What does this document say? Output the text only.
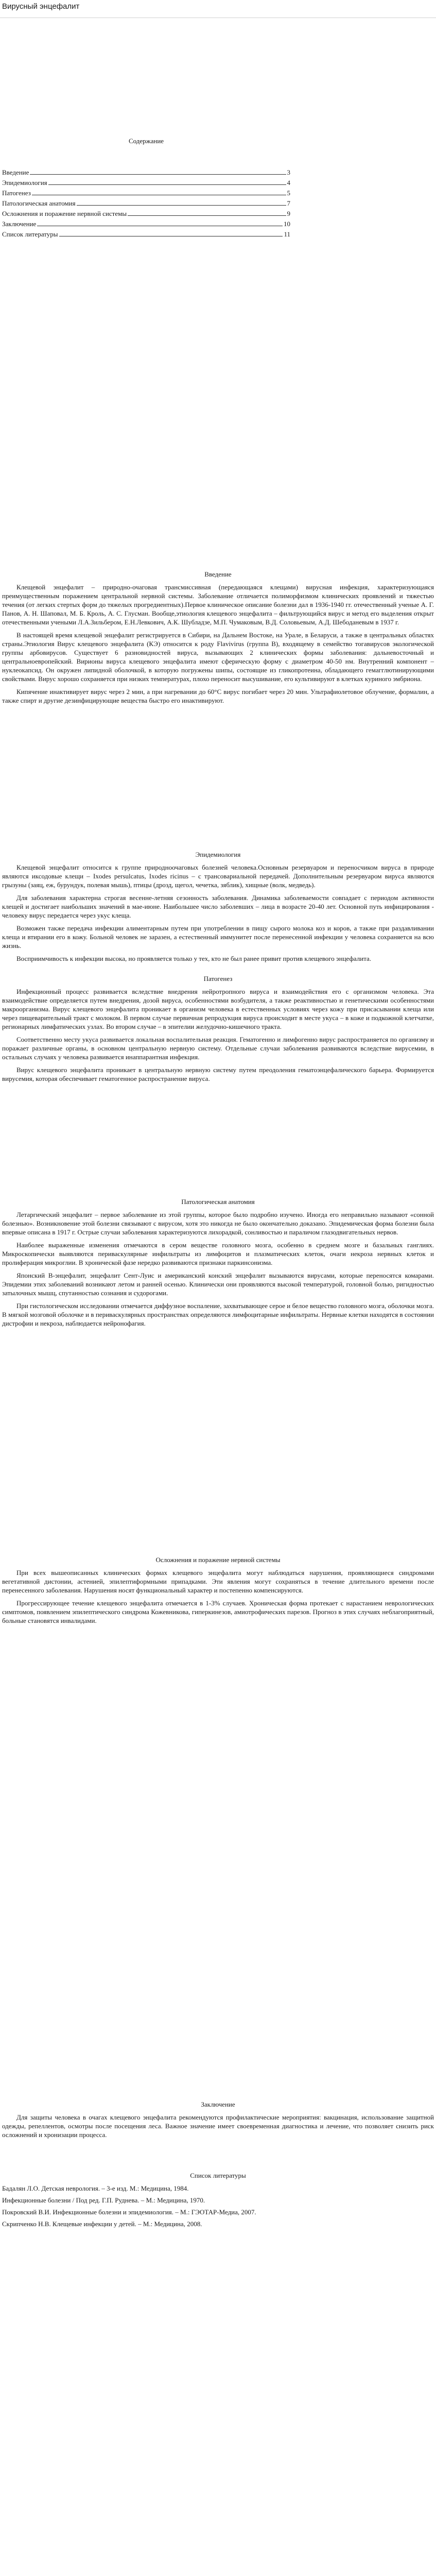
Вирусный энцефалит
Содержание
Введение	3
Эпидемиология	4
Патогенез	5
Патологическая анатомия	7
Осложнения и поражение нервной системы	9
Заключение	10
Список литературы	11
Введение

Клещевой энцефалит – природно-очаговая трансмиссивная (передающаяся клещами) вирусная инфекция, характеризующаяся преимущественным поражением центральной нервной системы. Заболевание отличается полиморфизмом клинических проявлений и тяжестью течения (от легких стертых форм до тяжелых прогредиентных).Первое клиническое описание болезни дал в 1936-1940 гг. отечественный ученые А. Г. Панов, А. Н. Шаповал, М. Б. Кроль, А. С. Глусман. Вообще,этиология клещевого энцефалита – фильтрующийся вирус и метод его выделения открыт отечественными учеными Л.А.Зильбером, Е.Н.Левкович, А.К. Шубладзе, М.П. Чумаковым, В.Д. Соловьевым, А.Д. Шебоданевым в 1937 г.

В настоящей время клещевой энцефалит регистрируется в Сибири, на Дальнем Востоке, на Урале, в Беларуси, а также в центральных областях страны.Этиология Вирус клещевого энцефалита (КЭ) относится к роду Flavivirus (группа В), входящему в семейство тогавирусов экологической группы арбовирусов. Существует 6 разновидностей вируса, вызывающих 2 клинических формы заболевания: дальневосточный и центральноевропейский. Вирионы вируса клещевого энцефалита имеют сферическую форму с диаметром 40-50 нм. Внутренний компонент – нуклеокапсид. Он окружен липидной оболочкой, в которую погружены шипы, состоящие из гликопротеина, обладающего гемагглютинирующими свойствами. Вирус хорошо сохраняется при низких температурах, плохо переносит высушивание, его культивируют в клетках куриного эмбриона.

Кипячение инактивирует вирус через 2 мин, а при нагревании до 60°С вирус погибает через 20 мин. Ультрафиолетовое облучение, формалин, а также спирт и другие дезинфицирующие вещества быстро его инактивируют.

Эпидемиология

Клещевой энцефалит относится к группе природноочаговых болезней человека.Основным резервуаром и переносчиком вируса в природе являются иксодовые клещи – Ixodes persulcatus, Ixodes ricinus – с трансовариальной передачей. Дополнительным резервуаром вируса являются грызуны (заяц, еж, бурундук, полевая мышь), птицы (дрозд, щегол, чечетка, зяблик), хищные (волк, медведь).

Для заболевания характерна строгая весенне-летняя сезонность заболевания. Динамика заболеваемости совпадает с периодом активности клещей и достигает наибольших значений в мае-июне. Наибольшее число заболевших – лица в возрасте 20-40 лет. Основной путь инфицирования - человеку вирус передается через укус клеща.

Возможен также передача инфекции алиментарным путем при употреблении в пищу сырого молока коз и коров, а также при раздавливании клеща и втирании его в кожу. Больной человек не заразен, а естественный иммунитет после перенесенной инфекции у человека сохраняется на всю жизнь.

Восприимчивость к инфекции высока, но проявляется только у тех, кто не был ранее привит против клещевого энцефалита.

Патогенез

Инфекционный процесс развивается вследствие внедрения нейротропного вируса и взаимодействия его с организмом человека. Эта взаимодействие определяется путем внедрения, дозой вируса, особенностями возбудителя, а также реактивностью и генетическими особенностями макроорганизма. Вирус клещевого энцефалита проникает в организм человека в естественных условиях через кожу при присасывании клеща или через пищеварительный тракт с молоком. В первом случае первичная репродукция вируса происходит в месте укуса – в коже и подкожной клетчатке, регионарных лимфатических узлах. Во втором случае – в эпителии желудочно-кишечного тракта.

Соответственно месту укуса развивается локальная воспалительная реакция. Гематогенно и лимфогенно вирус распространяется по организму и поражает различные органы, в основном центральную нервную систему. Отдельные случаи заболевания развиваются вследствие вирусемии, в остальных случаях у человека развивается инаппарантная инфекция.

Вирус клещевого энцефалита проникает в центральную нервную систему путем преодоления гематоэнцефалического барьера. Формируется вирусемия, которая обеспечивает гематогенное распространение вируса.

Патологическая анатомия

Летаргический энцефалит – первое заболевание из этой группы, которое было подробно изучено. Иногда его неправильно называют «сонной болезнью». Возникновение этой болезни связывают с вирусом, хотя это никогда не было окончательно доказано. Эпидемическая форма болезни была впервые описана в 1917 г. Острые случаи заболевания характеризуются лихорадкой, сонливостью и параличом глазодвигательных нервов.

Наиболее выраженные изменения отмечаются в сером веществе головного мозга, особенно в среднем мозге и базальных ганглиях. Микроскопически выявляются периваскулярные инфильтраты из лимфоцитов и плазматических клеток, очаги некроза нервных клеток и пролиферация микроглии. В хронической фазе нередко развиваются признаки паркинсонизма.

Японский В-энцефалит, энцефалит Сент-Луис и американский конский энцефалит вызываются вирусами, которые переносятся комарами. Эпидемии этих заболеваний возникают летом и ранней осенью. Клинически они проявляются высокой температурой, головной болью, ригидностью затылочных мышц, спутанностью сознания и судорогами.

При гистологическом исследовании отмечается диффузное воспаление, захватывающее серое и белое вещество головного мозга, оболочки мозга. В мягкой мозговой оболочке и в периваскулярных пространствах определяются лимфоцитарные инфильтраты. Нервные клетки находятся в состоянии дистрофии и некроза, наблюдается нейронофагия.

Осложнения и поражение нервной системы

При всех вышеописанных клинических формах клещевого энцефалита могут наблюдаться нарушения, проявляющиеся синдромами вегетативной дистонии, астенией, эпилептиформными припадками. Эти явления могут сохраняться в течение длительного времени после перенесенного заболевания. Нарушения носят функциональный характер и постепенно компенсируются.

Прогрессирующее течение клещевого энцефалита отмечается в 1-3% случаев. Хроническая форма протекает с нарастанием неврологических симптомов, появлением эпилептического синдрома Кожевникова, гиперкинезов, амиотрофических парезов. Прогноз в этих случаях неблагоприятный, больные становятся инвалидами.

Заключение

Для защиты человека в очагах клещевого энцефалита рекомендуются профилактические мероприятия: вакцинация, использование защитной одежды, репеллентов, осмотры после посещения леса. Важное значение имеет своевременная диагностика и лечение, что позволяет снизить риск осложнений и хронизации процесса.

Список литературы

Бадалян Л.О. Детская неврология. – 3-е изд. М.: Медицина, 1984.

Инфекционные болезни / Под ред. Г.П. Руднева. – М.: Медицина, 1970.

Покровский В.И. Инфекционные болезни и эпидемиология. – М.: ГЭОТАР-Медиа, 2007.

Скрипченко Н.В. Клещевые инфекции у детей. – М.: Медицина, 2008.
